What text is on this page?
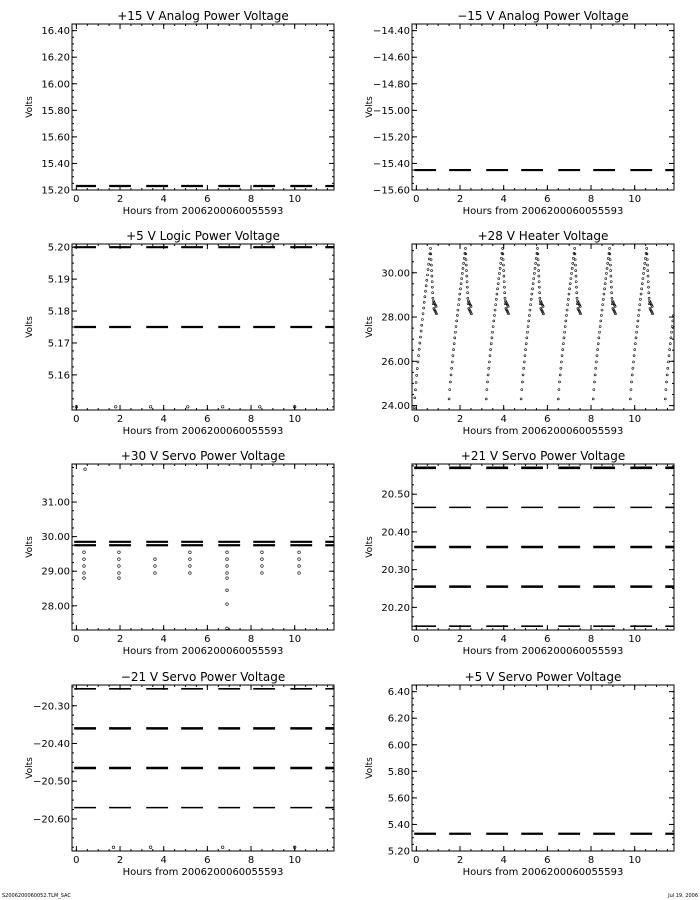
+15 V Analog Power Voltage
Hours from 2006200060055593
Volts
0	2	4	6	8	10
15.20
15.40
15.60
15.80
16.00
16.20
16.40
−15 V Analog Power Voltage
Hours from 2006200060055593
Volts
0	2	4	6	8	10
−15.60
−15.40
−15.20
−15.00
−14.80
−14.60
−14.40
+5 V Logic Power Voltage
Hours from 2006200060055593
Volts
0	2	4	6	8	10
5.16
5.17
5.18
5.19
5.20
+28 V Heater Voltage
Hours from 2006200060055593
Volts
0	2	4	6	8	10
24.00
26.00
28.00
30.00
+30 V Servo Power Voltage
Hours from 2006200060055593
Volts
0	2	4	6	8	10
28.00
29.00
30.00
31.00
+21 V Servo Power Voltage
Hours from 2006200060055593
Volts
0	2	4	6	8	10
20.20
20.30
20.40
20.50
−21 V Servo Power Voltage
Hours from 2006200060055593
Volts
0	2	4	6	8	10
−20.60
−20.50
−20.40
−20.30
+5 V Servo Power Voltage
Hours from 2006200060055593
Volts
0	2	4	6	8	10
5.20
5.40
5.60
5.80
6.00
6.20
6.40
S2006200060052.TLM_SAC	Jul 19, 2006
